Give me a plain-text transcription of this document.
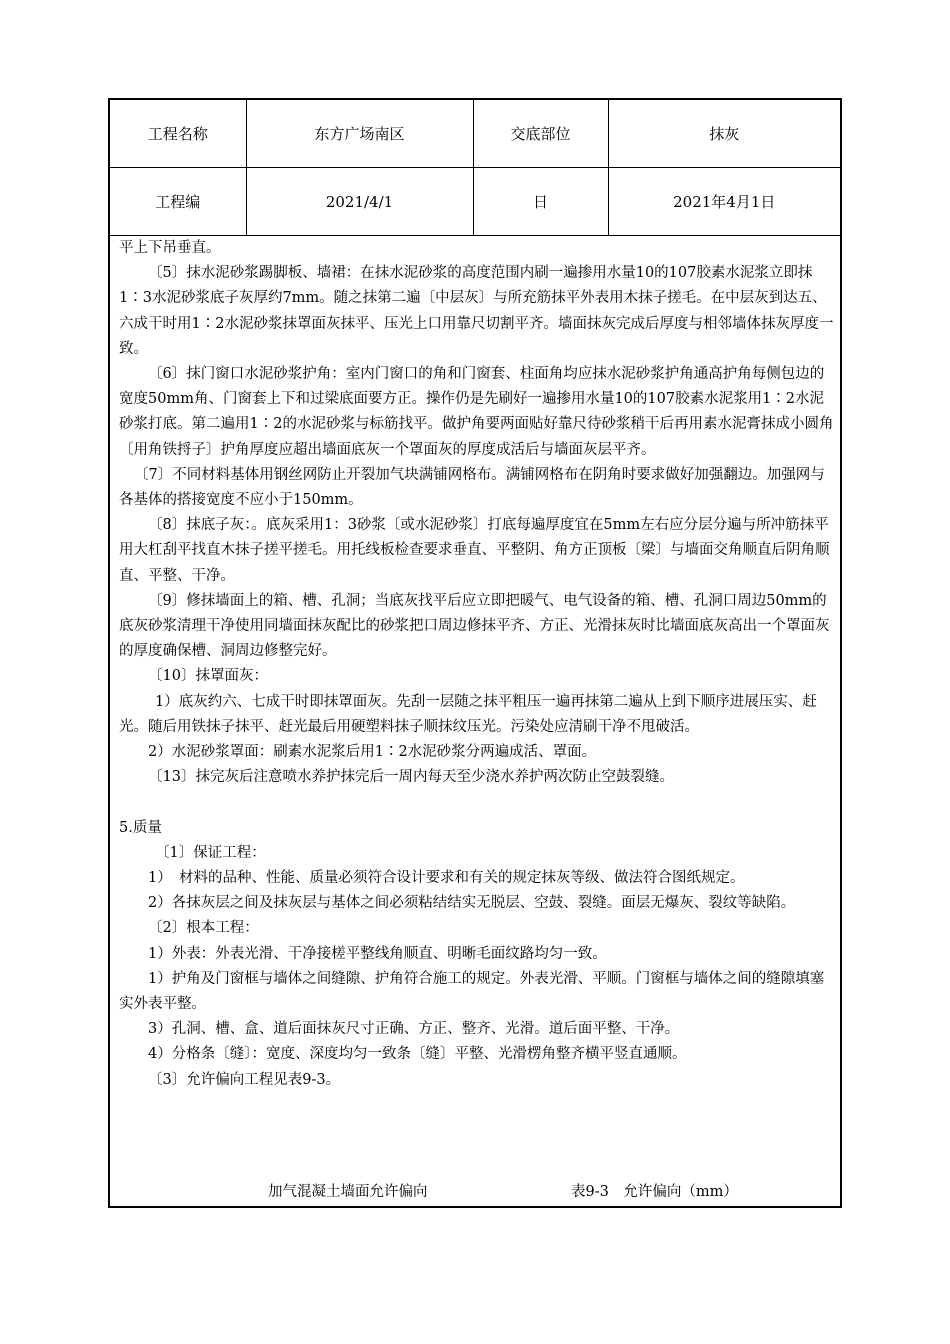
工程名称	东方广场南区	交底部位	抹灰
工程编	2021/4/1	日	2021年4月1日

平上下吊垂直。

〔5〕抹水泥砂浆踢脚板、墙裙：在抹水泥砂浆的高度范围内刷一遍掺用水量10的107胶素水泥浆立即抹1∶3水泥砂浆底子灰厚约7mm。随之抹第二遍〔中层灰〕与所充筋抹平外表用木抹子搓毛。在中层灰到达五、六成干时用1∶2水泥砂浆抹罩面灰抹平、压光上口用靠尺切割平齐。墙面抹灰完成后厚度与相邻墙体抹灰厚度一致。

〔6〕抹门窗口水泥砂浆护角：室内门窗口的角和门窗套、柱面角均应抹水泥砂浆护角通高护角每侧包边的宽度50mm角、门窗套上下和过梁底面要方正。操作仍是先刷好一遍掺用水量10的107胶素水泥浆用1∶2水泥砂浆打底。第二遍用1∶2的水泥砂浆与标筋找平。做护角要两面贴好靠尺待砂浆稍干后再用素水泥膏抹成小圆角〔用角铁捋子〕护角厚度应超出墙面底灰一个罩面灰的厚度成活后与墙面灰层平齐。

〔7〕不同材料基体用钢丝网防止开裂加气块满铺网格布。满铺网格布在阴角时要求做好加强翻边。加强网与各基体的搭接宽度不应小于150mm。

〔8〕抹底子灰：。底灰采用1：3砂浆〔或水泥砂浆〕打底每遍厚度宜在5mm左右应分层分遍与所冲筋抹平用大杠刮平找直木抹子搓平搓毛。用托线板检查要求垂直、平整阴、角方正顶板〔梁〕与墙面交角顺直后阴角顺直、平整、干净。

〔9〕修抹墙面上的箱、槽、孔洞；当底灰找平后应立即把暖气、电气设备的箱、槽、孔洞口周边50mm的底灰砂浆清理干净使用同墙面抹灰配比的砂浆把口周边修抹平齐、方正、光滑抹灰时比墙面底灰高出一个罩面灰的厚度确保槽、洞周边修整完好。

〔10〕抹罩面灰：

1）底灰约六、七成干时即抹罩面灰。先刮一层随之抹平粗压一遍再抹第二遍从上到下顺序进展压实、赶光。随后用铁抹子抹平、赶光最后用硬塑料抹子顺抹纹压光。污染处应清刷干净不甩破活。

2）水泥砂浆罩面：刷素水泥浆后用1∶2水泥砂浆分两遍成活、罩面。

〔13〕抹完灰后注意喷水养护抹完后一周内每天至少浇水养护两次防止空鼓裂缝。

5.质量

〔1〕保证工程：

1）　材料的品种、性能、质量必须符合设计要求和有关的规定抹灰等级、做法符合图纸规定。

2）各抹灰层之间及抹灰层与基体之间必须粘结结实无脱层、空鼓、裂缝。面层无爆灰、裂纹等缺陷。

〔2〕根本工程：

1）外表：外表光滑、干净接槎平整线角顺直、明晰毛面纹路均匀一致。

1）护角及门窗框与墙体之间缝隙、护角符合施工的规定。外表光滑、平顺。门窗框与墙体之间的缝隙填塞实外表平整。

3）孔洞、槽、盒、道后面抹灰尺寸正确、方正、整齐、光滑。道后面平整、干净。

4）分格条〔缝〕：宽度、深度均匀一致条〔缝〕平整、光滑楞角整齐横平竖直通顺。

〔3〕允许偏向工程见表9-3。

加气混凝土墙面允许偏向	表9-3　允许偏向（mm）
